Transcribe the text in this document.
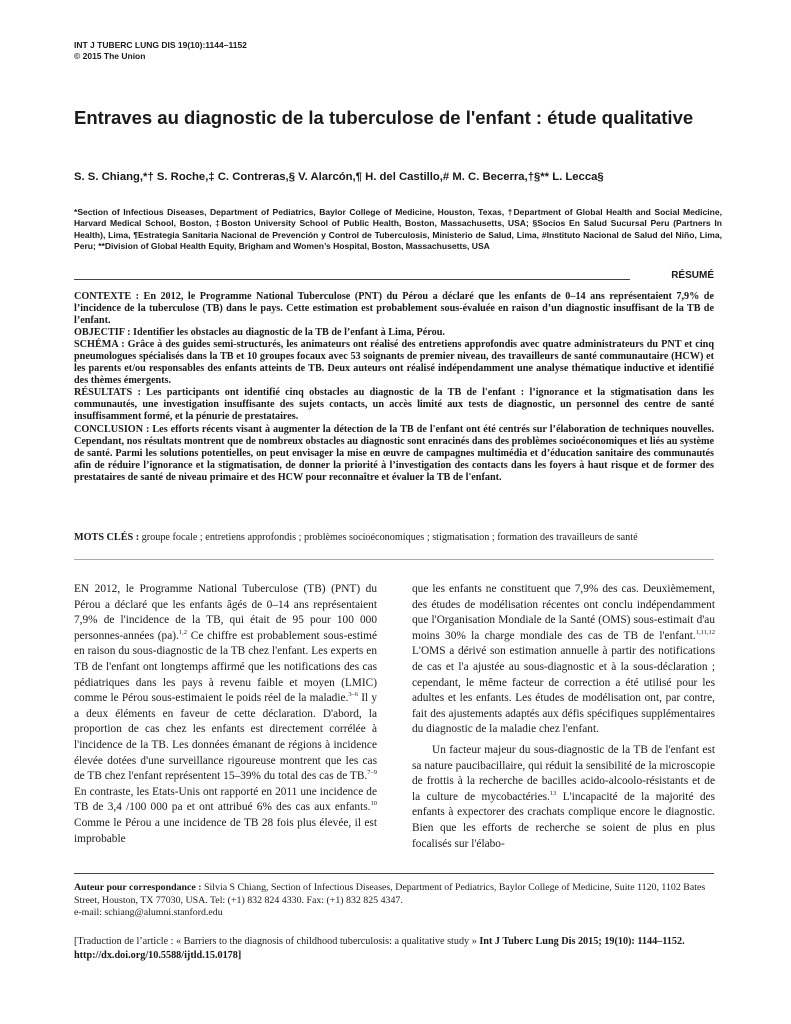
INT J TUBERC LUNG DIS 19(10):1144–1152
© 2015 The Union
Entraves au diagnostic de la tuberculose de l'enfant : étude qualitative
S. S. Chiang,*† S. Roche,‡ C. Contreras,§ V. Alarcón,¶ H. del Castillo,# M. C. Becerra,†§** L. Lecca§
*Section of Infectious Diseases, Department of Pediatrics, Baylor College of Medicine, Houston, Texas, †Department of Global Health and Social Medicine, Harvard Medical School, Boston, ‡Boston University School of Public Health, Boston, Massachusetts, USA; §Socios En Salud Sucursal Peru (Partners In Health), Lima, ¶Estrategia Sanitaria Nacional de Prevención y Control de Tuberculosis, Ministerio de Salud, Lima, #Instituto Nacional de Salud del Niño, Lima, Peru; **Division of Global Health Equity, Brigham and Women’s Hospital, Boston, Massachusetts, USA
RÉSUMÉ

CONTEXTE : En 2012, le Programme National Tuberculose (PNT) du Pérou a déclaré que les enfants de 0–14 ans représentaient 7,9% de l’incidence de la tuberculose (TB) dans le pays. Cette estimation est probablement sous-évaluée en raison d’un diagnostic insuffisant de la TB de l’enfant.

OBJECTIF : Identifier les obstacles au diagnostic de la TB de l’enfant à Lima, Pérou.

SCHÉMA : Grâce à des guides semi-structurés, les animateurs ont réalisé des entretiens approfondis avec quatre administrateurs du PNT et cinq pneumologues spécialisés dans la TB et 10 groupes focaux avec 53 soignants de premier niveau, des travailleurs de santé communautaire (HCW) et les parents et/ou responsables des enfants atteints de TB. Deux auteurs ont réalisé indépendamment une analyse thématique inductive et identifié des thèmes émergents.

RÉSULTATS : Les participants ont identifié cinq obstacles au diagnostic de la TB de l'enfant : l’ignorance et la stigmatisation dans les communautés, une investigation insuffisante des sujets contacts, un accès limité aux tests de diagnostic, un personnel des centre de santé insuffisamment formé, et la pénurie de prestataires.

CONCLUSION : Les efforts récents visant à augmenter la détection de la TB de l'enfant ont été centrés sur l’élaboration de techniques nouvelles. Cependant, nos résultats montrent que de nombreux obstacles au diagnostic sont enracinés dans des problèmes socioéconomiques et liés au système de santé. Parmi les solutions potentielles, on peut envisager la mise en œuvre de campagnes multimédia et d’éducation sanitaire des communautés afin de réduire l’ignorance et la stigmatisation, de donner la priorité à l’investigation des contacts dans les foyers à haut risque et de former des prestataires de santé de niveau primaire et des HCW pour reconnaître et évaluer la TB de l'enfant.

MOTS CLÉS : groupe focale ; entretiens approfondis ; problèmes socioéconomiques ; stigmatisation ; formation des travailleurs de santé

EN 2012, le Programme National Tuberculose (TB) (PNT) du Pérou a déclaré que les enfants âgés de 0–14 ans représentaient 7,9% de l'incidence de la TB, qui était de 95 pour 100 000 personnes-années (pa).$^{1,2}$ Ce chiffre est probablement sous-estimé en raison du sous-diagnostic de la TB chez l'enfant. Les experts en TB de l'enfant ont longtemps affirmé que les notifications des cas pédiatriques dans les pays à revenu faible et moyen (LMIC) comme le Pérou sous-estimaient le poids réel de la maladie.$^{3-6}$ Il y a deux éléments en faveur de cette déclaration. D'abord, la proportion de cas chez les enfants est directement corrélée à l'incidence de la TB. Les données émanant de régions à incidence élevée dotées d'une surveillance rigoureuse montrent que les cas de TB chez l'enfant représentent 15–39% du total des cas de TB.$^{7-9}$ En contraste, les Etats-Unis ont rapporté en 2011 une incidence de TB de 3,4 /100 000 pa et ont attribué 6% des cas aux enfants.$^{10}$ Comme le Pérou a une incidence de TB 28 fois plus élevée, il est improbable

que les enfants ne constituent que 7,9% des cas. Deuxièmement, des études de modélisation récentes ont conclu indépendamment que l'Organisation Mondiale de la Santé (OMS) sous-estimait d'au moins 30% la charge mondiale des cas de TB de l'enfant.$^{1,11,12}$ L'OMS a dérivé son estimation annuelle à partir des notifications de cas et l'a ajustée au sous-diagnostic et à la sous-déclaration ; cependant, le même facteur de correction a été utilisé pour les adultes et les enfants. Les études de modélisation ont, par contre, fait des ajustements adaptés aux défis spécifiques supplémentaires du diagnostic de la maladie chez l'enfant.

Un facteur majeur du sous-diagnostic de la TB de l'enfant est sa nature paucibacillaire, qui réduit la sensibilité de la microscopie de frottis à la recherche de bacilles acido-alcoolo-résistants et de la culture de mycobactéries.$^{13}$ L'incapacité de la majorité des enfants à expectorer des crachats complique encore le diagnostic. Bien que les efforts de recherche se soient de plus en plus focalisés sur l'élabo-

Auteur pour correspondance : Silvia S Chiang, Section of Infectious Diseases, Department of Pediatrics, Baylor College of Medicine, Suite 1120, 1102 Bates Street, Houston, TX 77030, USA. Tel: (+1) 832 824 4330. Fax: (+1) 832 825 4347.
e-mail: schiang@alumni.stanford.edu
[Traduction de l’article : « Barriers to the diagnosis of childhood tuberculosis: a qualitative study » Int J Tuberc Lung Dis 2015; 19(10): 1144–1152. http://dx.doi.org/10.5588/ijtld.15.0178]
